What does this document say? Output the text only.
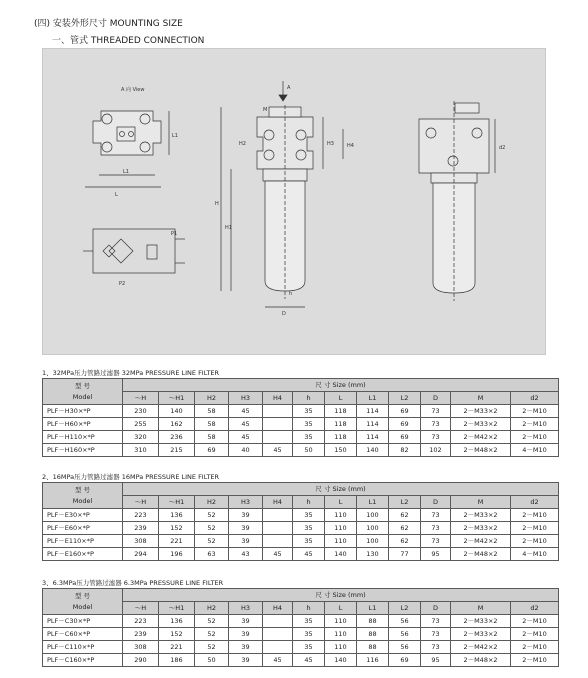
(四) 安装外形尺寸 MOUNTING SIZE
一、管式 THREADED CONNECTION
A 向 View
L
L1
L1
P1
P2
A
H
H1
H2	H3	H4
M
D
h
d2
1、32MPa压力管路过滤器 32MPa PRESSURE LINE FILTER
型 号
Model	尺 寸 Size (mm)											
	～H	～H1	H2	H3	H4	h	L	L1	L2	D	M	d2
PLF－H30×*P	230	140	58	45		35	118	114	69	73	2－M33×2	2－M10
PLF－H60×*P	255	162	58	45		35	118	114	69	73	2－M33×2	2－M10
PLF－H110×*P	320	236	58	45		35	118	114	69	73	2－M42×2	2－M10
PLF－H160×*P	310	215	69	40	45	50	150	140	82	102	2－M48×2	4－M10
2、16MPa压力管路过滤器 16MPa PRESSURE LINE FILTER
型 号
Model	尺 寸 Size (mm)											
	～H	～H1	H2	H3	H4	h	L	L1	L2	D	M	d2
PLF－E30×*P	223	136	52	39		35	110	100	62	73	2－M33×2	2－M10
PLF－E60×*P	239	152	52	39		35	110	100	62	73	2－M33×2	2－M10
PLF－E110×*P	308	221	52	39		35	110	100	62	73	2－M42×2	2－M10
PLF－E160×*P	294	196	63	43	45	45	140	130	77	95	2－M48×2	4－M10
3、6.3MPa压力管路过滤器 6.3MPa PRESSURE LINE FILTER
型 号
Model	尺 寸 Size (mm)											
	～H	～H1	H2	H3	H4	h	L	L1	L2	D	M	d2
PLF－C30×*P	223	136	52	39		35	110	88	56	73	2－M33×2	2－M10
PLF－C60×*P	239	152	52	39		35	110	88	56	73	2－M33×2	2－M10
PLF－C110×*P	308	221	52	39		35	110	88	56	73	2－M42×2	2－M10
PLF－C160×*P	290	186	50	39	45	45	140	116	69	95	2－M48×2	2－M10
